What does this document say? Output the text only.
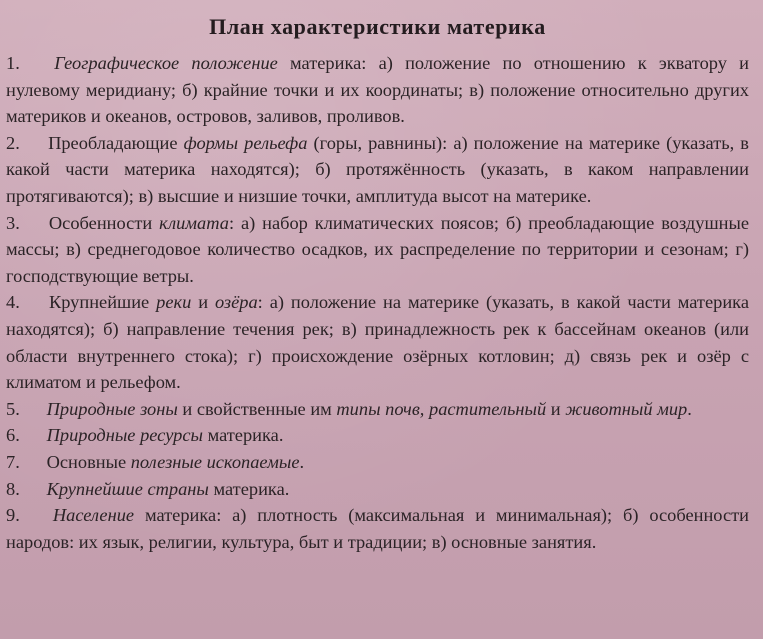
План характеристики материка

1. Географическое положение материка: а) положение по отношению к экватору и нулевому меридиану; б) крайние точки и их координаты; в) положение относительно других материков и океанов, островов, заливов, проливов.

2. Преобладающие формы рельефа (горы, равнины): а) положение на материке (указать, в какой части материка находятся); б) протяжённость (указать, в каком направлении протягиваются); в) высшие и низшие точки, амплитуда высот на материке.

3. Особенности климата: а) набор климатических поясов; б) преобладающие воздушные массы; в) среднегодовое количество осадков, их распределение по территории и сезонам; г) господствующие ветры.

4. Крупнейшие реки и озёра: а) положение на материке (указать, в какой части материка находятся); б) направление течения рек; в) принадлежность рек к бассейнам океанов (или области внутреннего стока); г) происхождение озёрных котловин; д) связь рек и озёр с климатом и рельефом.

5. Природные зоны и свойственные им типы почв, растительный и животный мир.

6. Природные ресурсы материка.

7. Основные полезные ископаемые.

8. Крупнейшие страны материка.

9. Население материка: а) плотность (максимальная и минимальная); б) особенности народов: их язык, религии, культура, быт и традиции; в) основные занятия.
